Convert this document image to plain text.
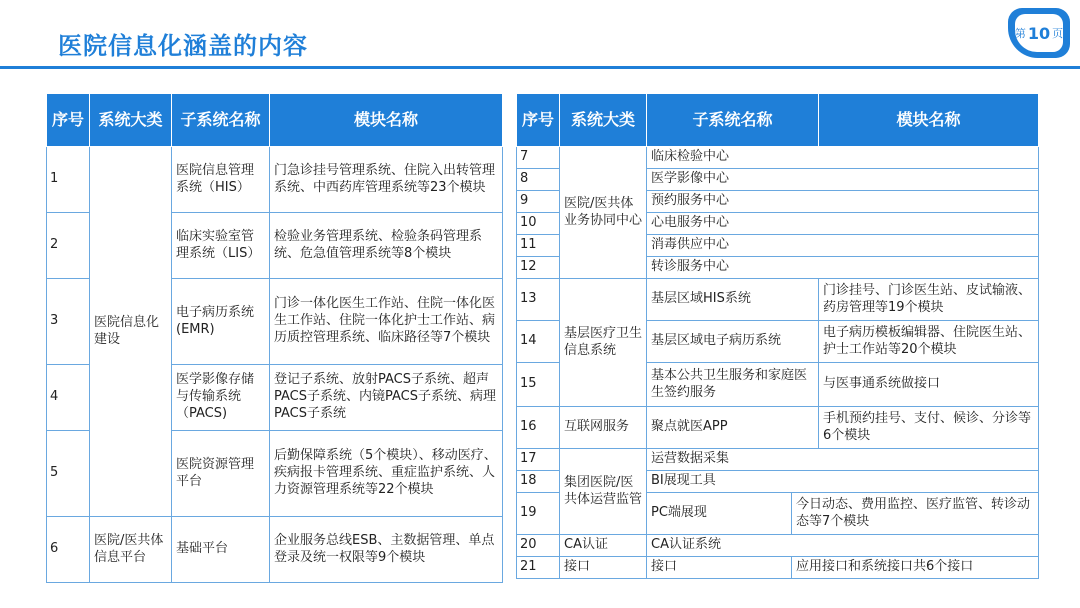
医院信息化涵盖的内容	第 10 页
序号	系统大类	子系统名称	模块名称
1	医院信息化建设	医院信息管理系统（HIS）	门急诊挂号管理系统、住院入出转管理系统、中西药库管理系统等23个模块
2		临床实验室管理系统（LIS）	检验业务管理系统、检验条码管理系统、危急值管理系统等8个模块
3		电子病历系统(EMR)	门诊一体化医生工作站、住院一体化医生工作站、住院一体化护士工作站、病历质控管理系统、临床路径等7个模块
4		医学影像存储与传输系统（PACS)	登记子系统、放射PACS子系统、超声PACS子系统、内镜PACS子系统、病理PACS子系统
5		医院资源管理平台	后勤保障系统（5个模块）、移动医疗、疾病报卡管理系统、重症监护系统、人力资源管理系统等22个模块
6	医院/医共体信息平台	基础平台	企业服务总线ESB、主数据管理、单点登录及统一权限等9个模块
序号	系统大类	子系统名称		模块名称
7	医院/医共体业务协同中心	临床检验中心		
8		医学影像中心		
9		预约服务中心		
10		心电服务中心		
11		消毒供应中心		
12		转诊服务中心		
13	基层医疗卫生信息系统	基层区域HIS系统		门诊挂号、门诊医生站、皮试输液、药房管理等19个模块
14		基层区域电子病历系统		电子病历模板编辑器、住院医生站、护士工作站等20个模块
15		基本公共卫生服务和家庭医生签约服务		与医事通系统做接口
16	互联网服务	聚点就医APP		手机预约挂号、支付、候诊、分诊等6个模块
17	集团医院/医共体运营监管	运营数据采集		
18		BI展现工具		
19		PC端展现	今日动态、费用监控、医疗监管、转诊动态等7个模块	
20	CA认证	CA认证系统		
21	接口	接口	应用接口和系统接口共6个接口	
